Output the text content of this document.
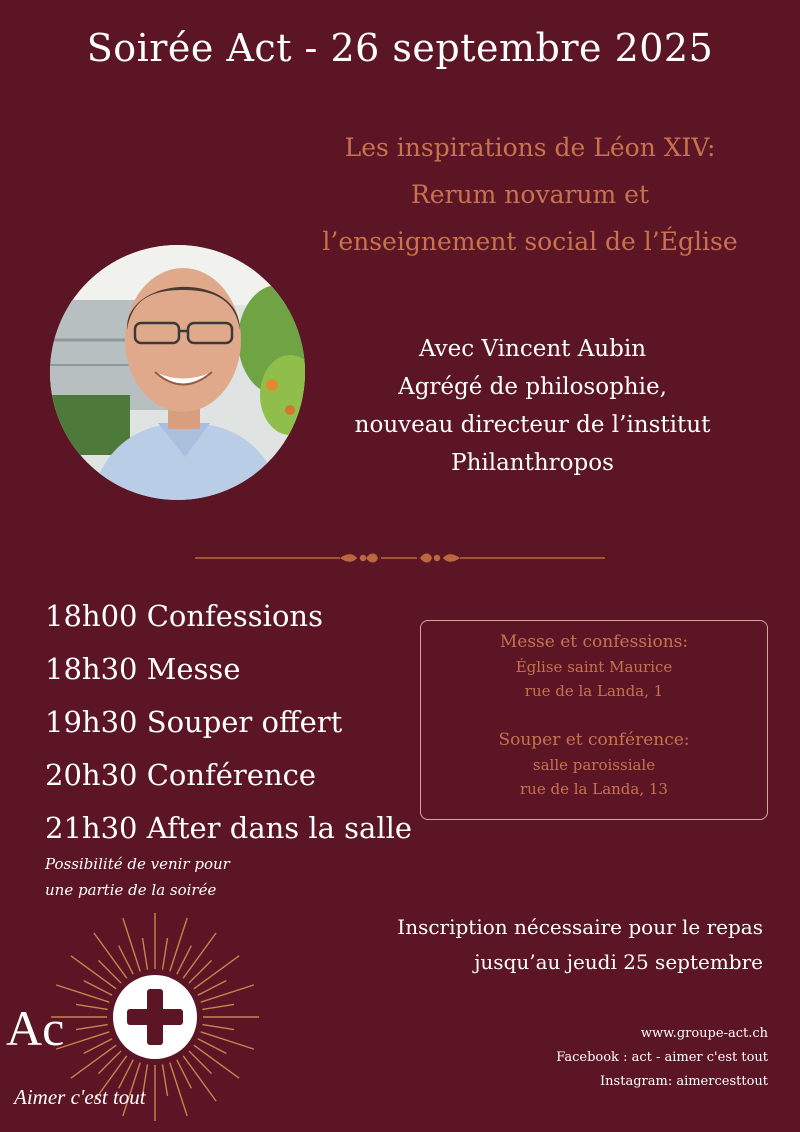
Soirée Act - 26 septembre 2025
Les inspirations de Léon XIV:
Rerum novarum et
l’enseignement social de l’Église
Avec Vincent Aubin
Agrégé de philosophie,
nouveau directeur de l’institut
Philanthropos
18h00 Confessions
18h30 Messe
19h30 Souper offert
20h30 Conférence
21h30 After dans la salle
Possibilité de venir pour
une partie de la soirée
Messe et confessions:
Église saint Maurice
rue de la Landa, 1
Souper et conférence:
salle paroissiale
rue de la Landa, 13
Inscription nécessaire pour le repas
jusqu’au jeudi 25 septembre
www.groupe-act.ch
Facebook : act - aimer c'est tout
Instagram: aimercesttout
Ac
Aimer c'est tout
